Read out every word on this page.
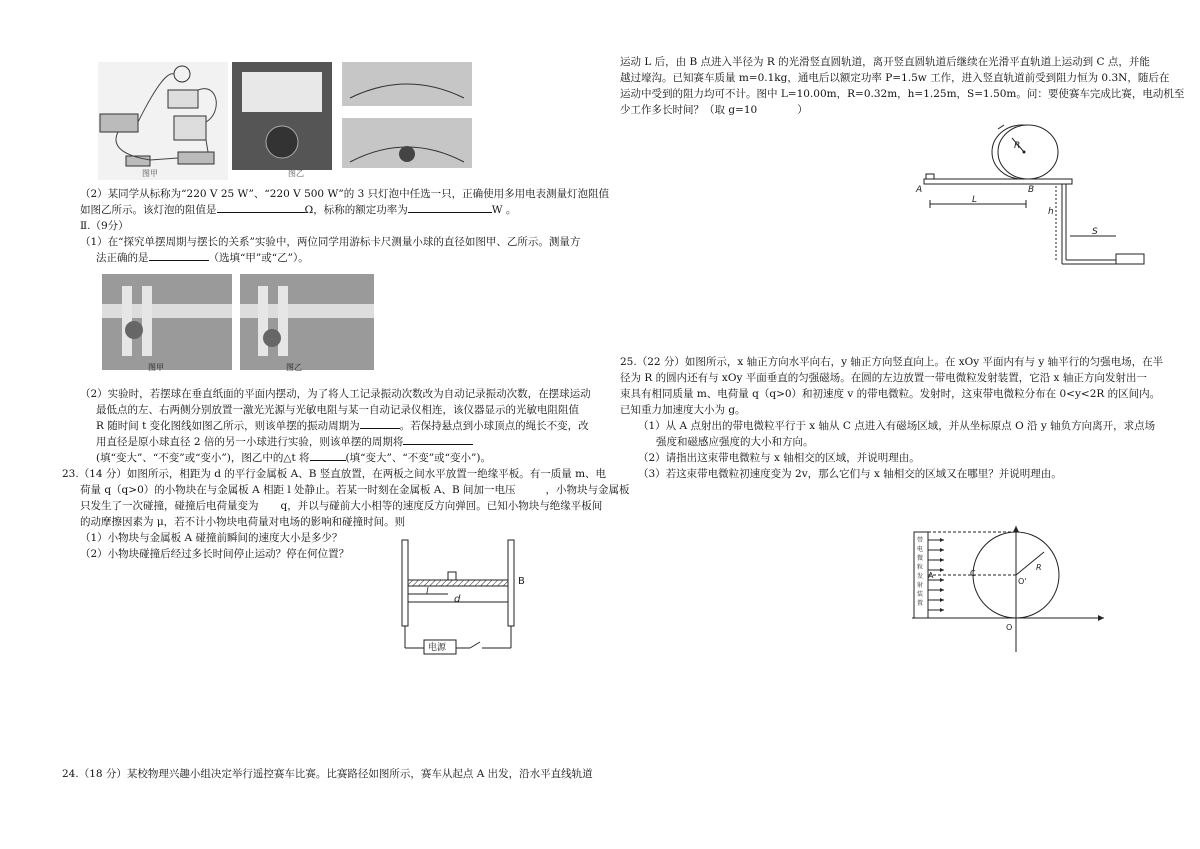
图甲	图乙

（2）某同学从标称为“220 V 25 W”、“220 V 500 W”的 3 只灯泡中任选一只，正确使用多用电表测量灯泡阻值

如图乙所示。该灯泡的阻值是	Ω，标称的额定功率为	W 。

Ⅱ.（9分）

（1）在“探究单摆周期与摆长的关系”实验中，两位同学用游标卡尺测量小球的直径如图甲、乙所示。测量方

法正确的是	（选填“甲”或“乙”）。

图甲	图乙

（2）实验时，若摆球在垂直纸面的平面内摆动，为了将人工记录振动次数改为自动记录振动次数，在摆球运动

最低点的左、右两侧分别放置一激光光源与光敏电阻与某一自动记录仪相连，该仪器显示的光敏电阻阻值

R 随时间 t 变化图线如图乙所示，则该单摆的振动周期为	。若保持悬点到小球顶点的绳长不变，改

用直径是原小球直径 2 倍的另一小球进行实验，则该单摆的周期将

(填“变大”、“不变”或“变小”)，图乙中的△t 将	(填“变大”、“不变”或“变小”)。

23.（14 分）如图所示，相距为 d 的平行金属板 A、B 竖直放置，在两板之间水平放置一绝缘平板。有一质量 m、电

荷量 q（q>0）的小物块在与金属板 A 相距 l 处静止。若某一时刻在金属板 A、B 间加一电压	，小物块与金属板

只发生了一次碰撞，碰撞后电荷量变为 q，并以与碰前大小相等的速度反方向弹回。已知小物块与绝缘平板间

的动摩擦因素为 μ，若不计小物块电荷量对电场的影响和碰撞时间。则

（1）小物块与金属板 A 碰撞前瞬间的速度大小是多少？

（2）小物块碰撞后经过多长时间停止运动？停在何位置？

B
l
d
电源

24.（18 分）某校物理兴趣小组决定举行遥控赛车比赛。比赛路径如图所示，赛车从起点 A 出发，沿水平直线轨道

运动 L 后，由 B 点进入半径为 R 的光滑竖直圆轨道，离开竖直圆轨道后继续在光滑平直轨道上运动到 C 点，并能

越过壕沟。已知赛车质量 m=0.1kg，通电后以额定功率 P=1.5w 工作，进入竖直轨道前受到阻力恒为 0.3N，随后在

运动中受到的阻力均可不计。图中 L=10.00m，R=0.32m，h=1.25m，S=1.50m。问：要使赛车完成比赛，电动机至

少工作多长时间？（取 g=10	）

A	B
L
R
h
S

25.（22 分）如图所示，x 轴正方向水平向右，y 轴正方向竖直向上。在 xOy 平面内有与 y 轴平行的匀强电场，在半

径为 R 的圆内还有与 xOy 平面垂直的匀强磁场。在圆的左边放置一带电微粒发射装置，它沿 x 轴正方向发射出一

束具有相同质量 m、电荷量 q（q>0）和初速度 v 的带电微粒。发射时，这束带电微粒分布在 0<y<2R 的区间内。

已知重力加速度大小为 g。

（1）从 A 点射出的带电微粒平行于 x 轴从 C 点进入有磁场区域，并从坐标原点 O 沿 y 轴负方向离开，求点场

强度和磁感应强度的大小和方向。

（2）请指出这束带电微粒与 x 轴相交的区域，并说明理由。

（3）若这束带电微粒初速度变为 2v，那么它们与 x 轴相交的区域又在哪里？并说明理由。

带电微粒发射装置
A	C
O'
R
O
